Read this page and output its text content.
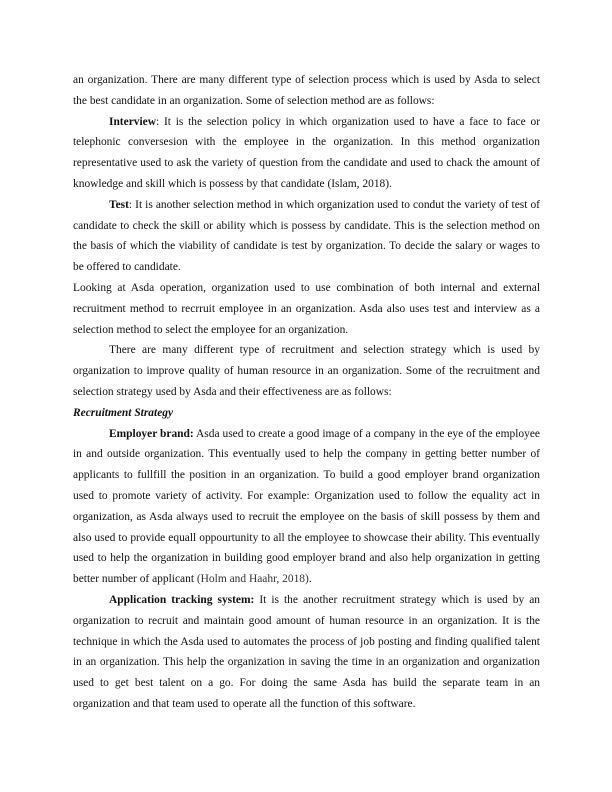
an organization. There are many different type of selection process which is used by Asda to select the best candidate in an organization. Some of selection method are as follows:

Interview: It is the selection policy in which organization used to have a face to face or telephonic conversesion with the employee in the organization. In this method organization representative used to ask the variety of question from the candidate and used to chack the amount of knowledge and skill which is possess by that candidate (Islam, 2018).

Test: It is another selection method in which organization used to condut the variety of test of candidate to check the skill or ability which is possess by candidate. This is the selection method on the basis of which the viability of candidate is test by organization. To decide the salary or wages to be offered to candidate.

Looking at Asda operation, organization used to use combination of both internal and external recruitment method to recrruit employee in an organization. Asda also uses test and interview as a selection method to select the employee for an organization.

There are many different type of recruitment and selection strategy which is used by organization to improve quality of human resource in an organization. Some of the recruitment and selection strategy used by Asda and their effectiveness are as follows:

Recruitment Strategy

Employer brand: Asda used to create a good image of a company in the eye of the employee in and outside organization. This eventually used to help the company in getting better number of applicants to fullfill the position in an organization. To build a good employer brand organization used to promote variety of activity. For example: Organization used to follow the equality act in organization, as Asda always used to recruit the employee on the basis of skill possess by them and also used to provide equall oppourtunity to all the employee to showcase their ability. This eventually used to help the organization in building good employer brand and also help organization in getting better number of applicant (Holm and Haahr, 2018).

Application tracking system: It is the another recruitment strategy which is used by an organization to recruit and maintain good amount of human resource in an organization. It is the technique in which the Asda used to automates the process of job posting and finding qualified talent in an organization. This help the organization in saving the time in an organization and organization used to get best talent on a go. For doing the same Asda has build the separate team in an organization and that team used to operate all the function of this software.
